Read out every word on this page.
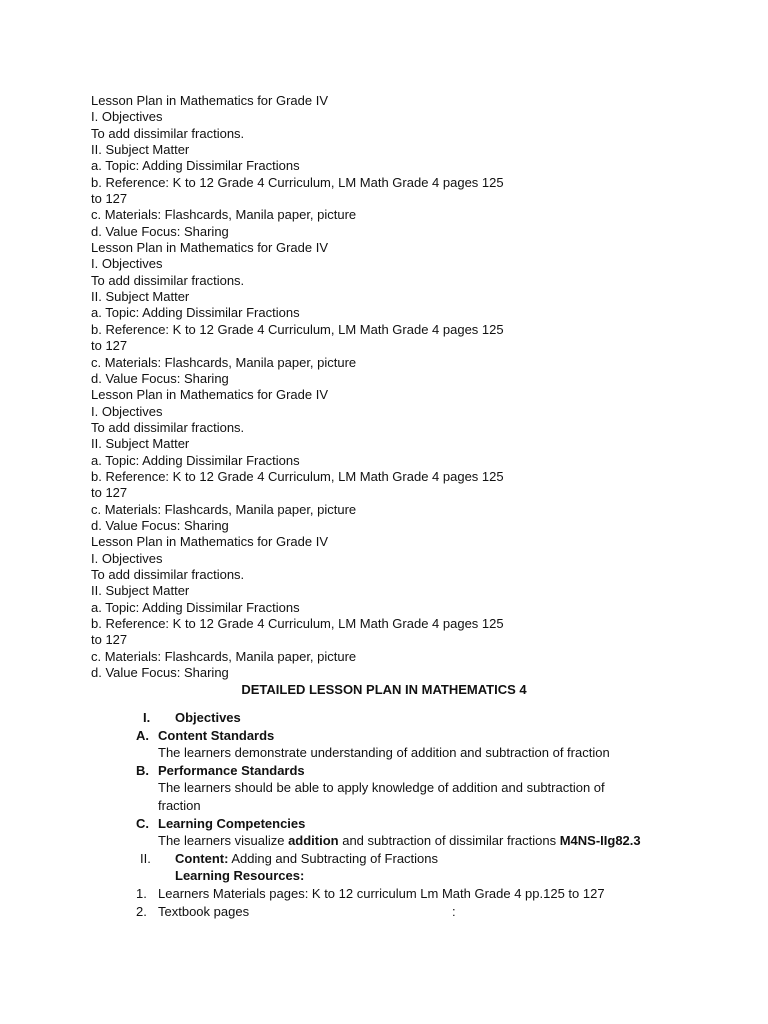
Lesson Plan in Mathematics for Grade IV
I. Objectives
To add dissimilar fractions.
II. Subject Matter
a. Topic: Adding Dissimilar Fractions
b. Reference: K to 12 Grade 4 Curriculum, LM Math Grade 4 pages 125
to 127
c. Materials: Flashcards, Manila paper, picture
d. Value Focus: Sharing
Lesson Plan in Mathematics for Grade IV
I. Objectives
To add dissimilar fractions.
II. Subject Matter
a. Topic: Adding Dissimilar Fractions
b. Reference: K to 12 Grade 4 Curriculum, LM Math Grade 4 pages 125
to 127
c. Materials: Flashcards, Manila paper, picture
d. Value Focus: Sharing
Lesson Plan in Mathematics for Grade IV
I. Objectives
To add dissimilar fractions.
II. Subject Matter
a. Topic: Adding Dissimilar Fractions
b. Reference: K to 12 Grade 4 Curriculum, LM Math Grade 4 pages 125
to 127
c. Materials: Flashcards, Manila paper, picture
d. Value Focus: Sharing
Lesson Plan in Mathematics for Grade IV
I. Objectives
To add dissimilar fractions.
II. Subject Matter
a. Topic: Adding Dissimilar Fractions
b. Reference: K to 12 Grade 4 Curriculum, LM Math Grade 4 pages 125
to 127
c. Materials: Flashcards, Manila paper, picture
d. Value Focus: Sharing
DETAILED LESSON PLAN IN MATHEMATICS 4
I. Objectives
A. Content Standards
The learners demonstrate understanding of addition and subtraction of fraction
B. Performance Standards
The learners should be able to apply knowledge of addition and subtraction of
fraction
C. Learning Competencies
The learners visualize addition and subtraction of dissimilar fractions M4NS-IIg82.3
II. Content: Adding and Subtracting of Fractions
Learning Resources:
1. Learners Materials pages: K to 12 curriculum Lm Math Grade 4 pp.125 to 127
2. Textbook pages	:
